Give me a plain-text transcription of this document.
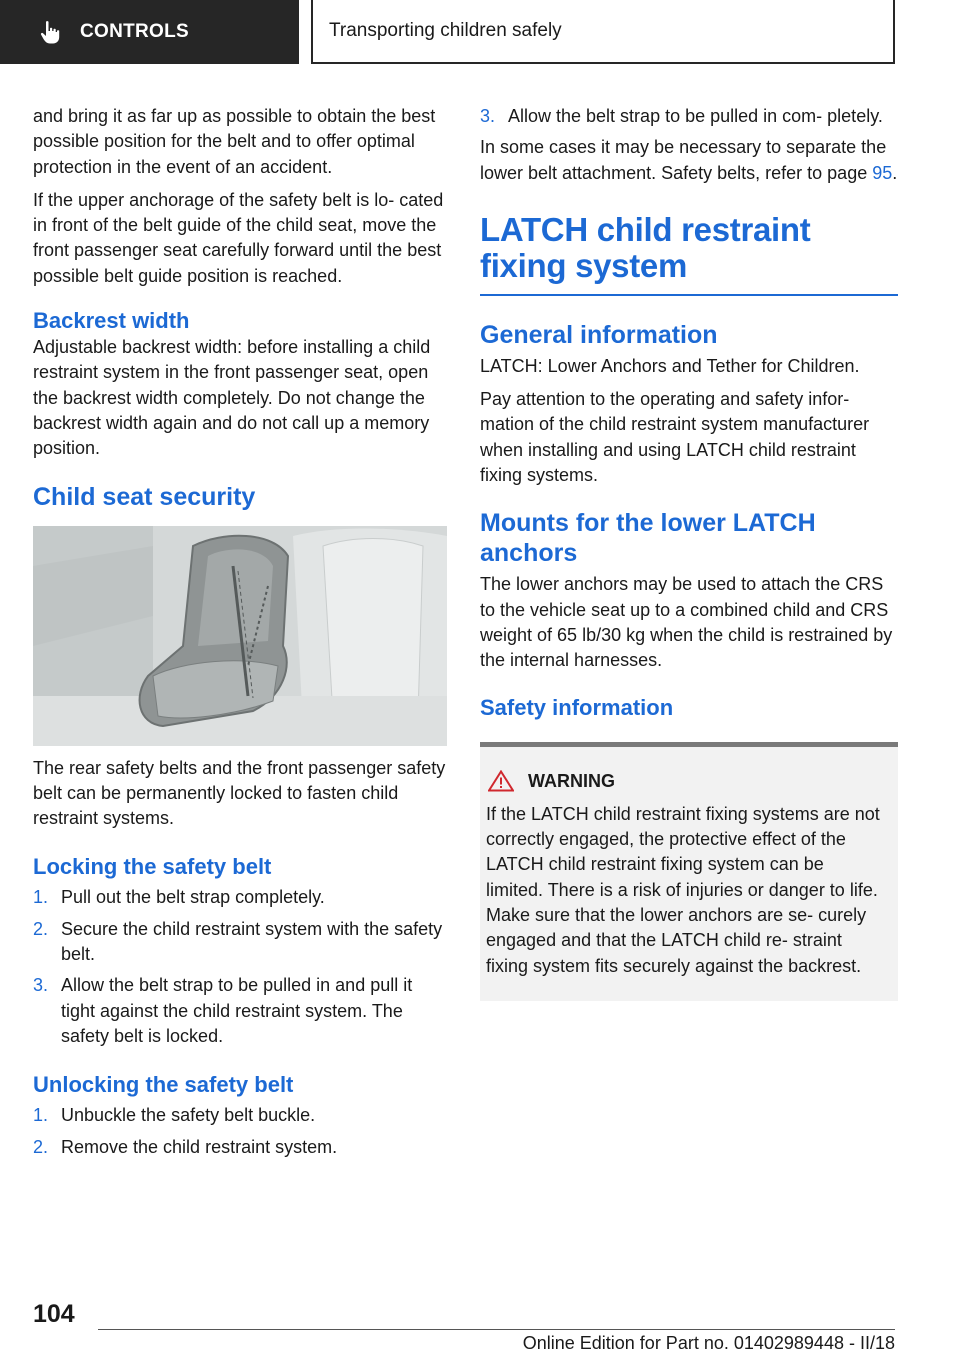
CONTROLS	Transporting children safely

and bring it as far up as possible to obtain the best possible position for the belt and to offer optimal protection in the event of an accident.

If the upper anchorage of the safety belt is lo- cated in front of the belt guide of the child seat, move the front passenger seat carefully forward until the best possible belt guide position is reached.

Backrest width

Adjustable backrest width: before installing a child restraint system in the front passenger seat, open the backrest width completely. Do not change the backrest width again and do not call up a memory position.

Child seat security

The rear safety belts and the front passenger safety belt can be permanently locked to fasten child restraint systems.

Locking the safety belt
1. Pull out the belt strap completely.
2. Secure the child restraint system with the safety belt.
3. Allow the belt strap to be pulled in and pull it tight against the child restraint system. The safety belt is locked.
Unlocking the safety belt
1. Unbuckle the safety belt buckle.
2. Remove the child restraint system.
3. Allow the belt strap to be pulled in com- pletely.

In some cases it may be necessary to separate the lower belt attachment. Safety belts, refer to page 95.

LATCH child restraint fixing system
General information

LATCH: Lower Anchors and Tether for Children.

Pay attention to the operating and safety infor- mation of the child restraint system manufacturer when installing and using LATCH child restraint fixing systems.

Mounts for the lower LATCH anchors

The lower anchors may be used to attach the CRS to the vehicle seat up to a combined child and CRS weight of 65 lb/30 kg when the child is restrained by the internal harnesses.

Safety information
WARNING
If the LATCH child restraint fixing systems are not correctly engaged, the protective effect of the LATCH child restraint fixing system can be limited. There is a risk of injuries or danger to life. Make sure that the lower anchors are se- curely engaged and that the LATCH child re- straint fixing system fits securely against the backrest.
104
Online Edition for Part no. 01402989448 - II/18
